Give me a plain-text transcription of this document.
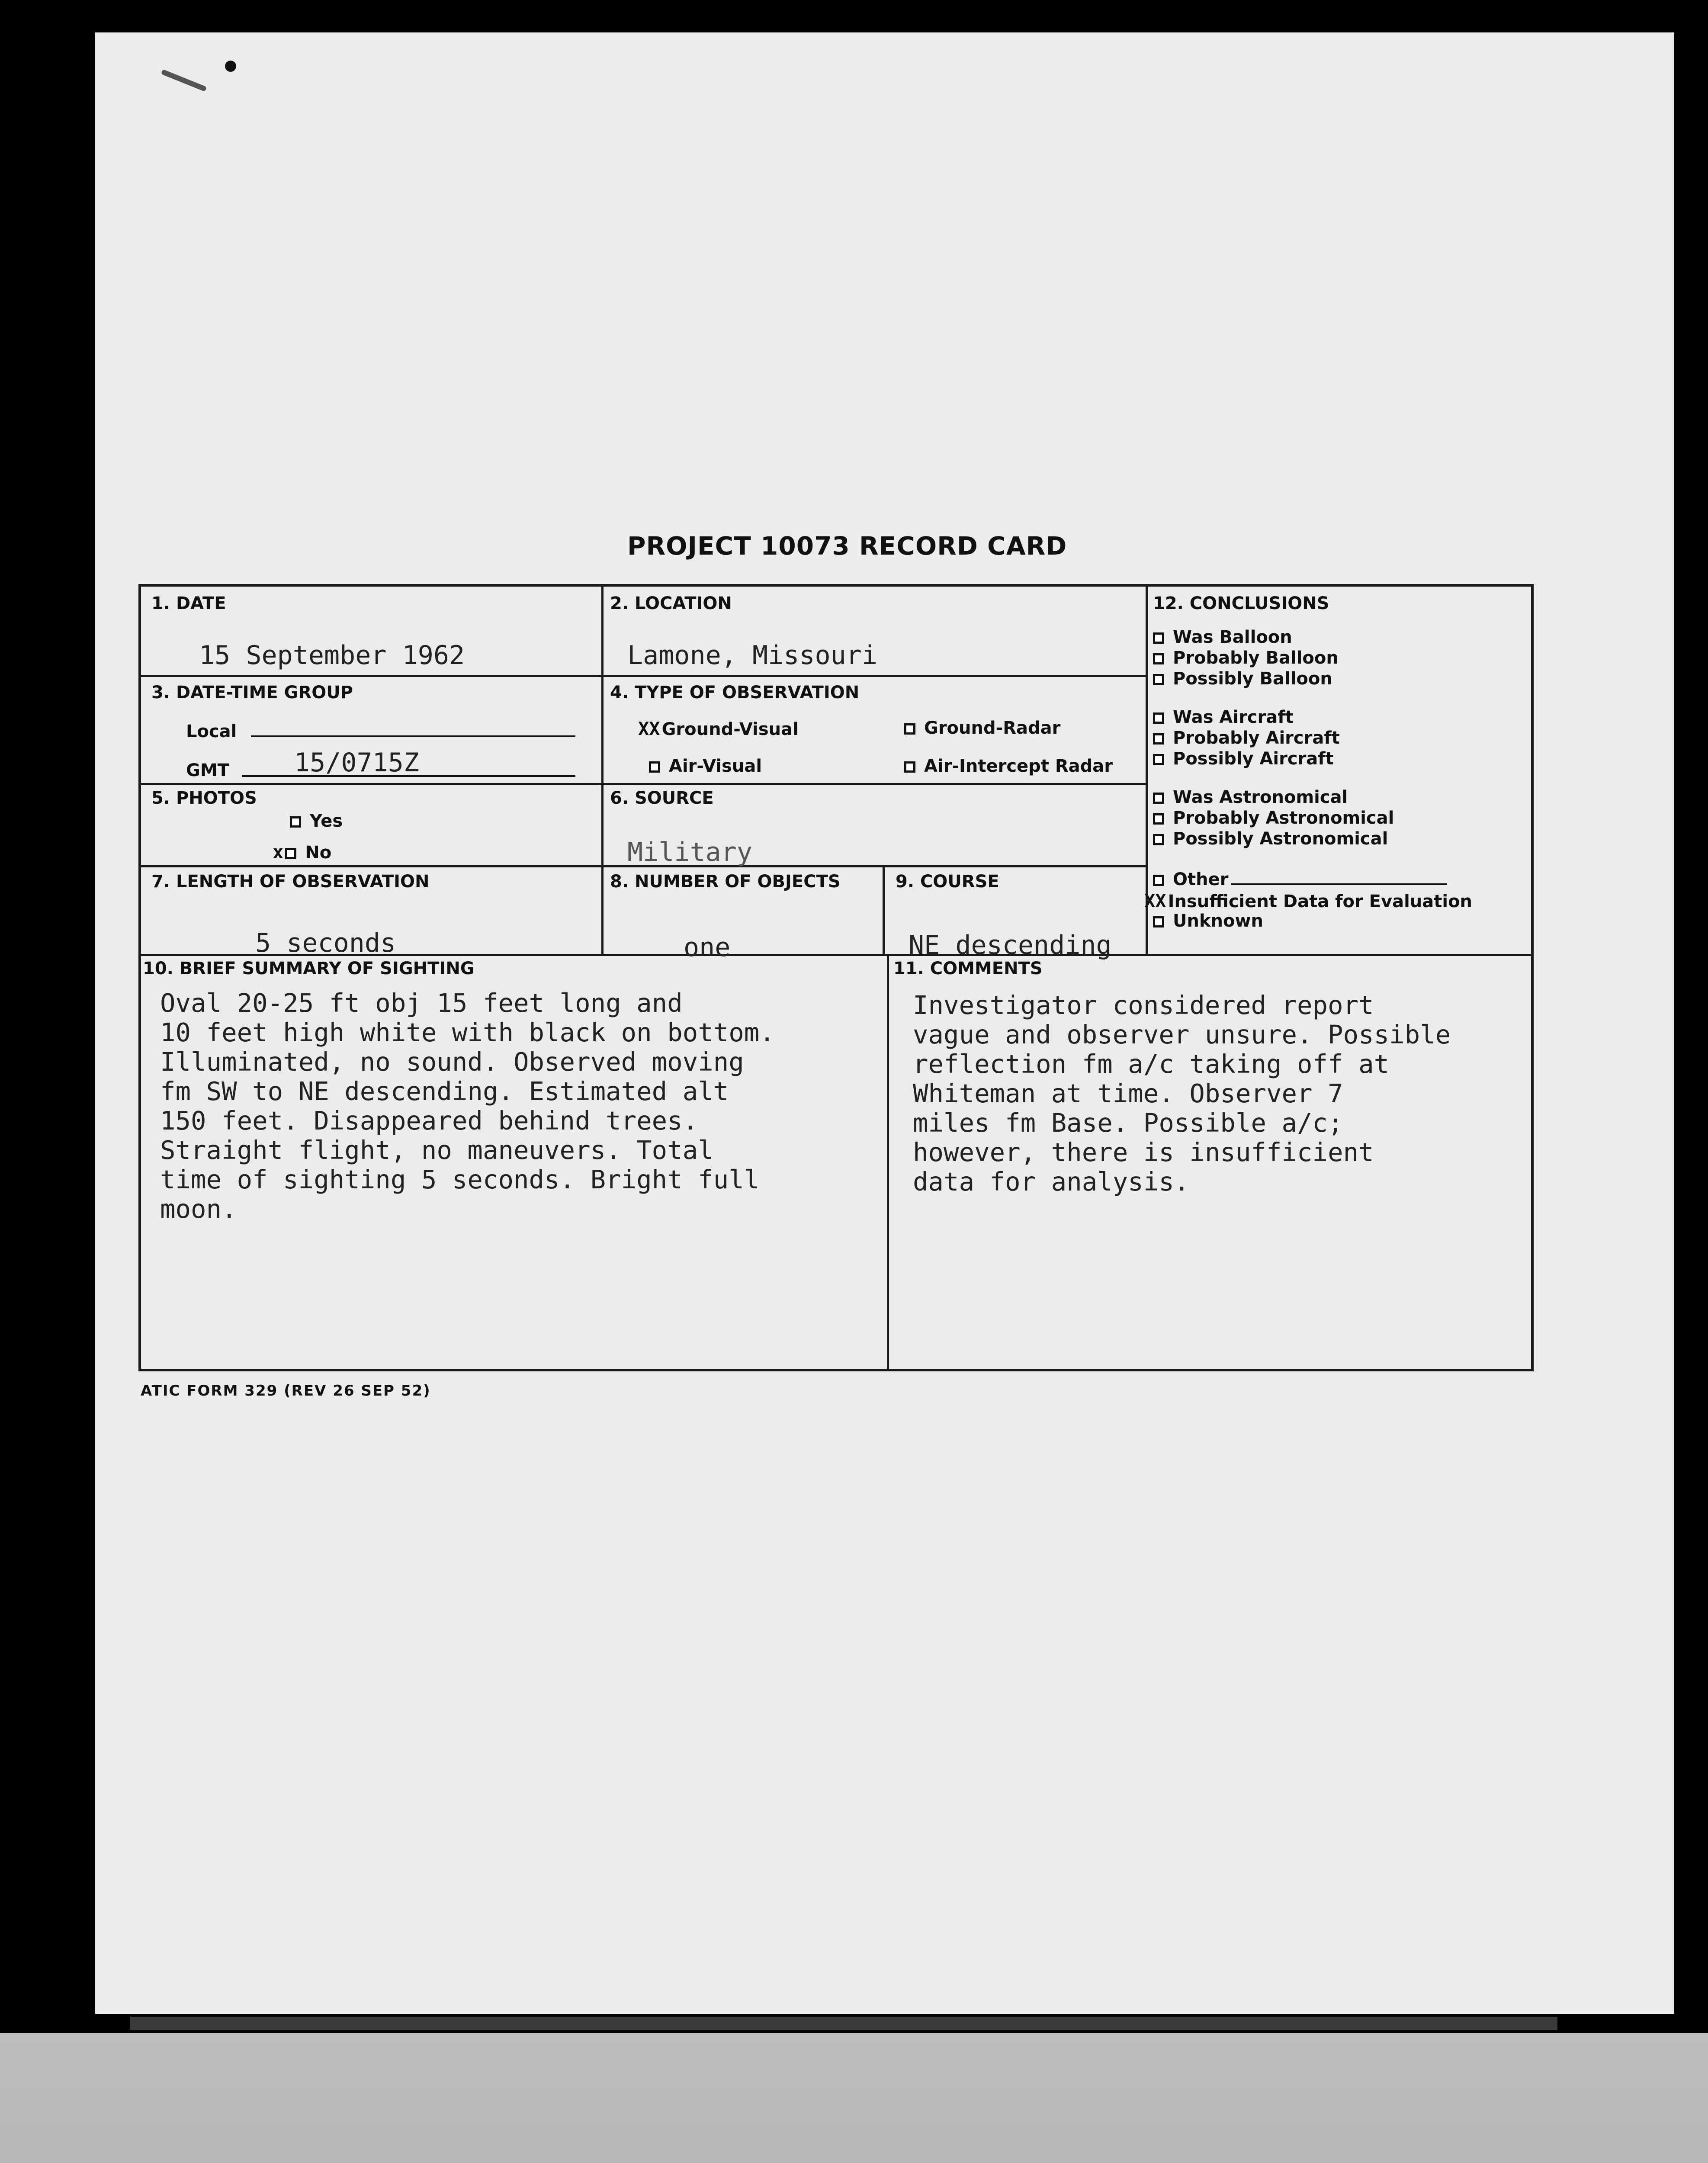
PROJECT 10073 RECORD CARD
1. DATE
15 September 1962
2. LOCATION
Lamone, Missouri
3. DATE-TIME GROUP
Local
GMT	15/0715Z
4. TYPE OF OBSERVATION
XX Ground-Visual	Ground-Radar
Air-Visual	Air-Intercept Radar
5. PHOTOS
Yes
x No
6. SOURCE
Military
7. LENGTH OF OBSERVATION
5 seconds
8. NUMBER OF OBJECTS
one
9. COURSE
NE descending
10. BRIEF SUMMARY OF SIGHTING
Oval 20-25 ft obj 15 feet long and
10 feet high white with black on bottom.
Illuminated, no sound. Observed moving
fm SW to NE descending. Estimated alt
150 feet. Disappeared behind trees.
Straight flight, no maneuvers. Total
time of sighting 5 seconds. Bright full
moon.
11. COMMENTS
Investigator considered report
vague and observer unsure. Possible
reflection fm a/c taking off at
Whiteman at time. Observer 7
miles fm Base. Possible a/c;
however, there is insufficient
data for analysis.
12. CONCLUSIONS
Was Balloon
Probably Balloon
Possibly Balloon
Was Aircraft
Probably Aircraft
Possibly Aircraft
Was Astronomical
Probably Astronomical
Possibly Astronomical
Other
XX Insufficient Data for Evaluation
Unknown
ATIC FORM 329 (REV 26 SEP 52)
